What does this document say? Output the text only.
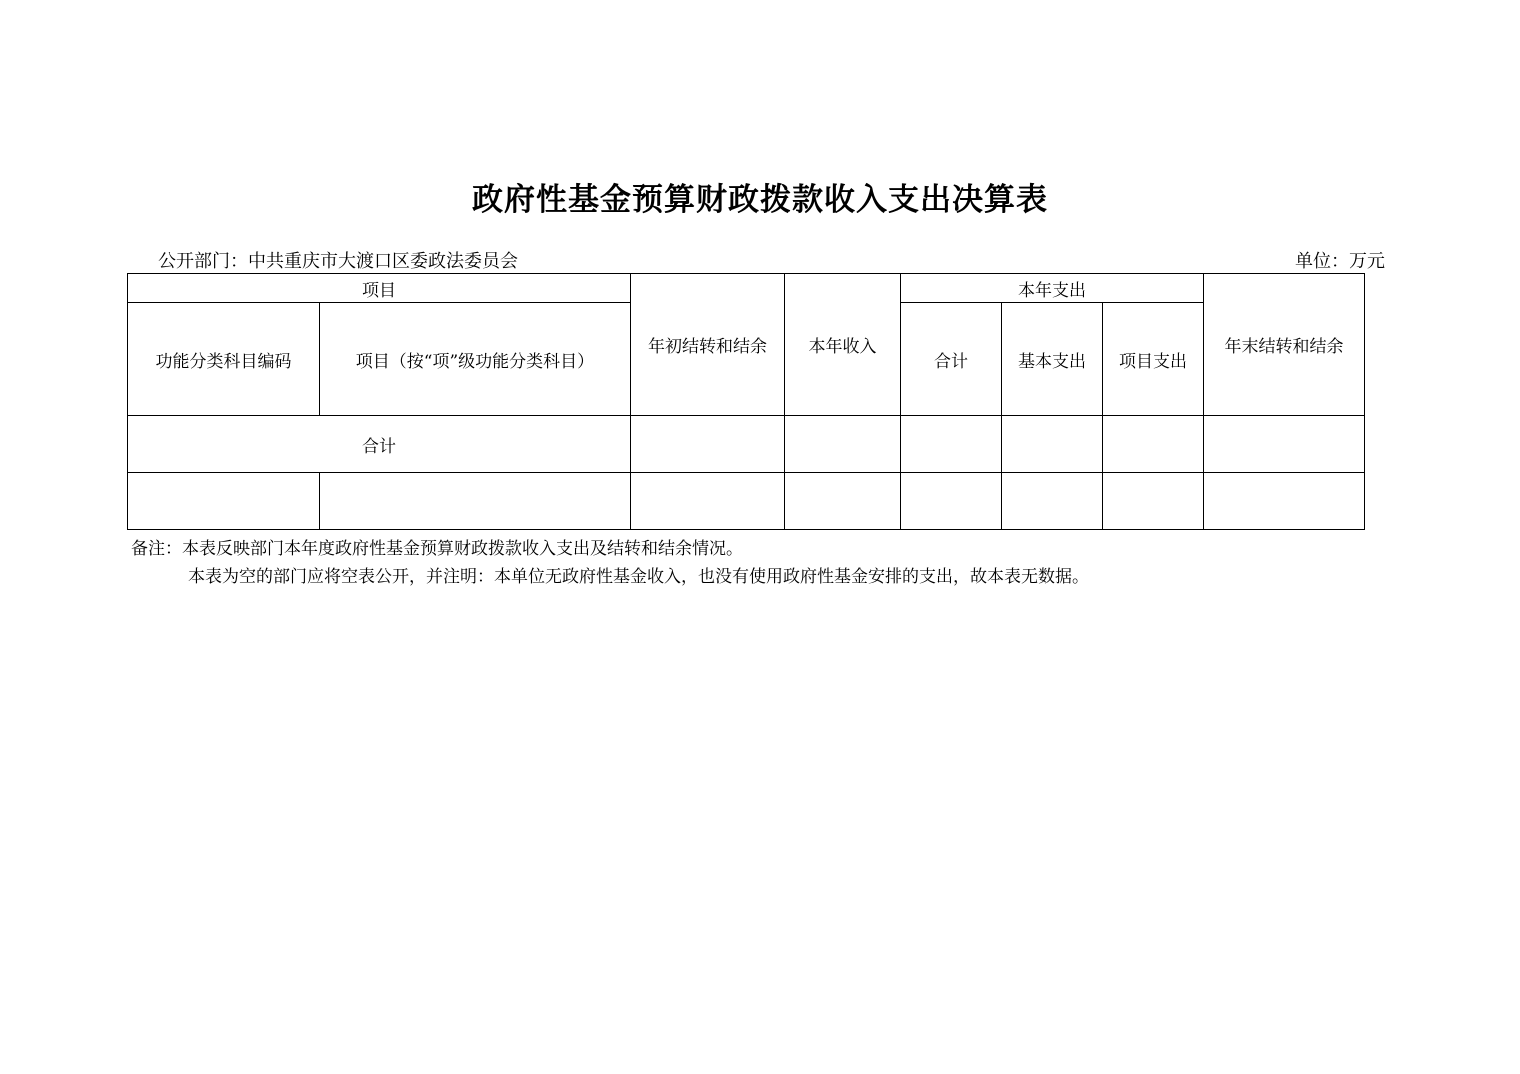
政府性基金预算财政拨款收入支出决算表
公开部门：中共重庆市大渡口区委政法委员会	单位：万元
项目		年初结转和结余	本年收入	本年支出			年末结转和结余
功能分类科目编码	项目（按“项”级功能分类科目）			合计	基本支出	项目支出	
合计							

备注：本表反映部门本年度政府性基金预算财政拨款收入支出及结转和结余情况。
本表为空的部门应将空表公开，并注明：本单位无政府性基金收入，也没有使用政府性基金安排的支出，故本表无数据。
